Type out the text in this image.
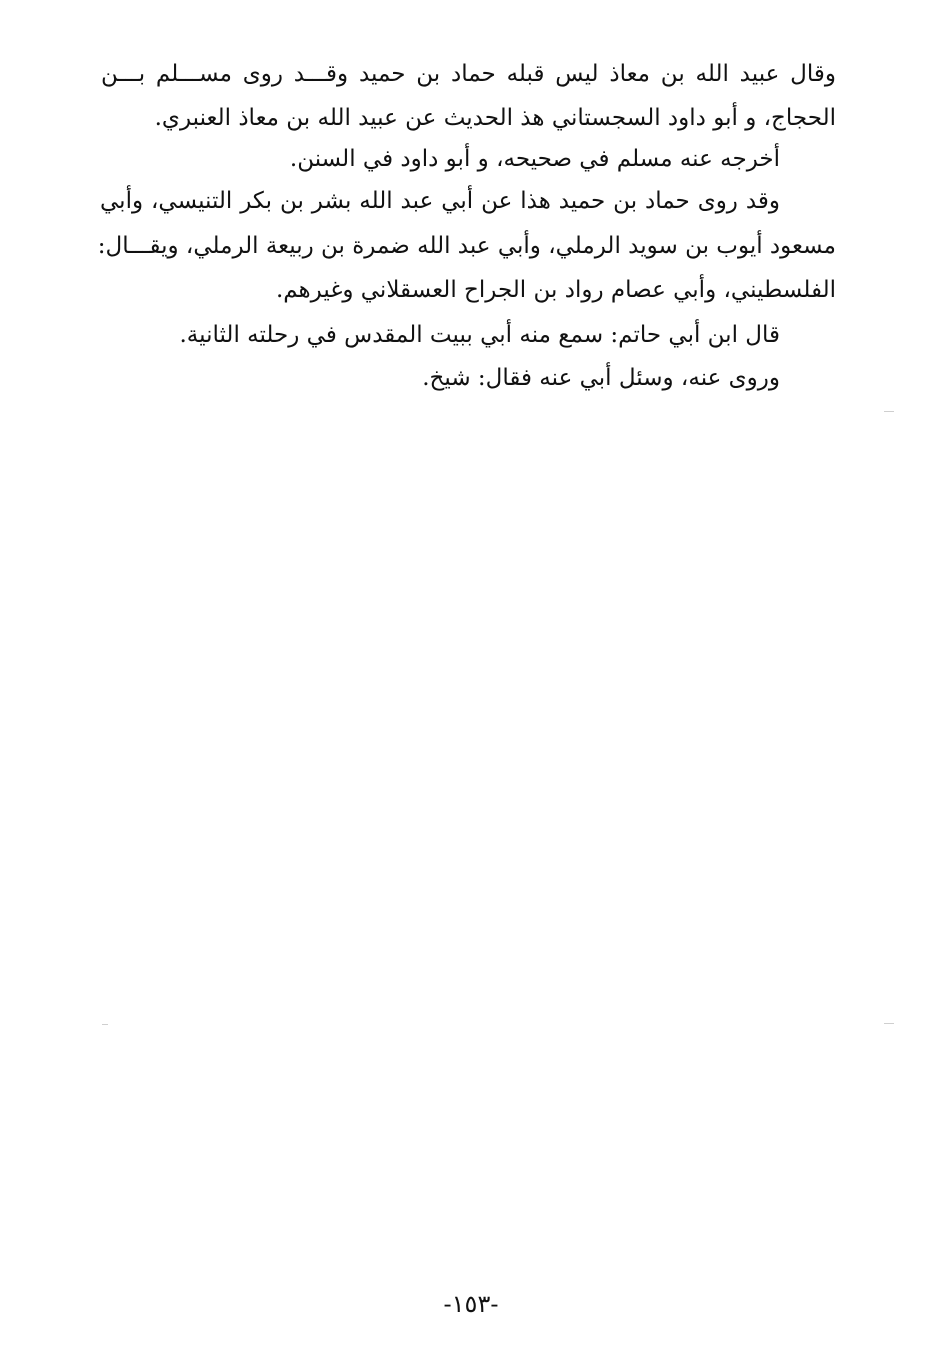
وقال عبيد الله بن معاذ ليس قبله حماد بن حميد وقـــد روى مســـلم بـــن
الحجاج، و أبو داود السجستاني هذ الحديث عن عبيد الله بن معاذ العنبري.
أخرجه عنه مسلم في صحيحه، و أبو داود في السنن.
وقد روى حماد بن حميد هذا عن أبي عبد الله بشر بن بكر التنيسي، وأبي
مسعود أيوب بن سويد الرملي، وأبي عبد الله ضمرة بن ربيعة الرملي، ويقـــال:
الفلسطيني، وأبي عصام رواد بن الجراح العسقلاني وغيرهم.
قال ابن أبي حاتم: سمع منه أبي ببيت المقدس في رحلته الثانية.
وروى عنه، وسئل أبي عنه فقال: شيخ.
-١٥٣-
